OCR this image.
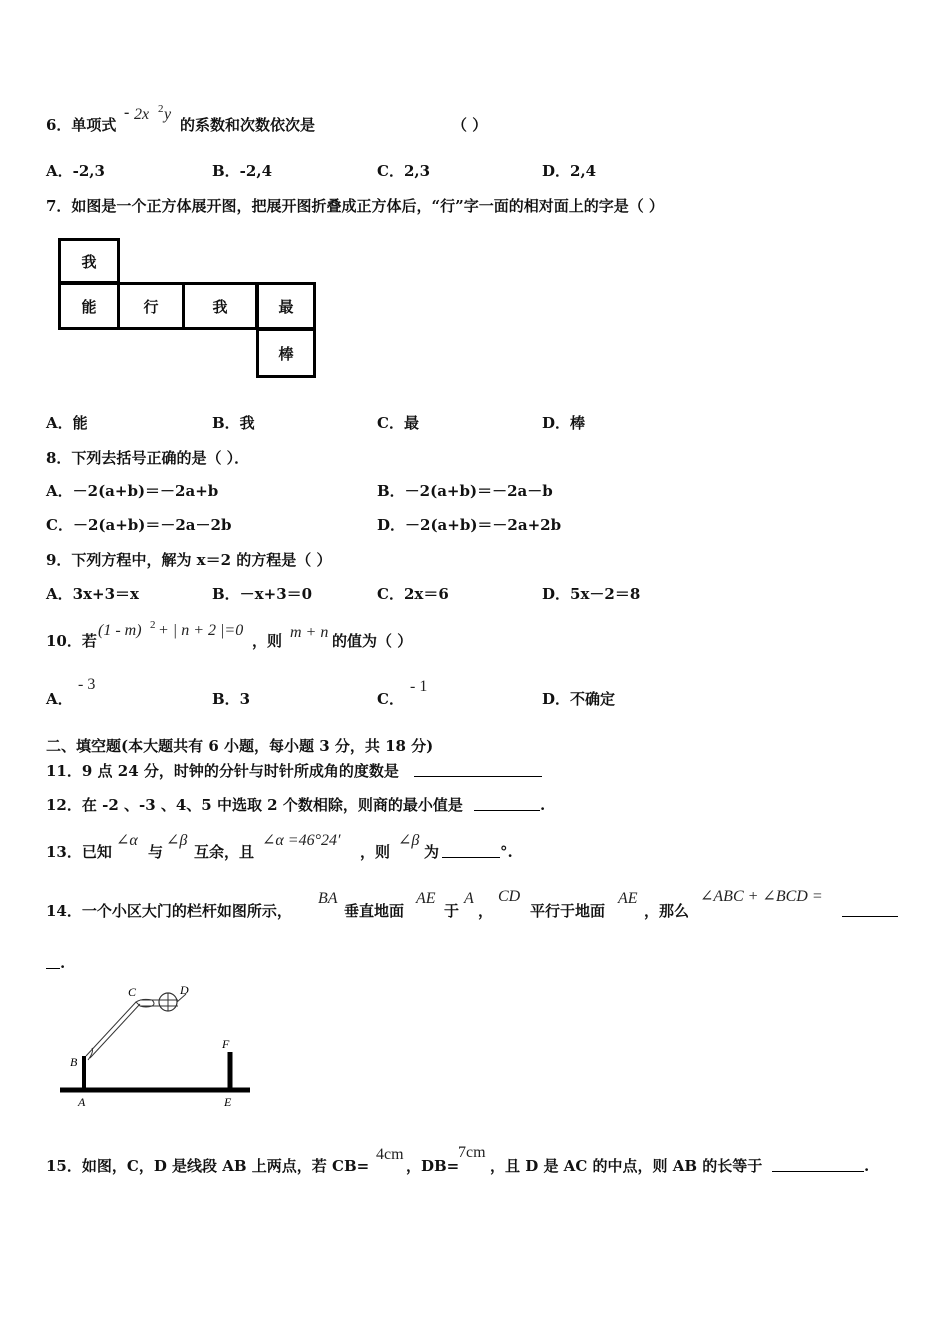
6．单项式
- 2x 2 y
的系数和次数依次是	（ ）
A．-2,3	B．-2,4	C．2,3	D．2,4
7．如图是一个正方体展开图，把展开图折叠成正方体后，“行”字一面的相对面上的字是（ ）
我
能	行	我	最
棒
A．能	B．我	C．最	D．棒
8．下列去括号正确的是（ ）．
A．－2(a+b)＝－2a+b	B．－2(a+b)＝－2a－b
C．－2(a+b)＝－2a－2b	D．－2(a+b)＝－2a+2b
9．下列方程中，解为 x＝2 的方程是（ ）
A．3x+3＝x	B．－x+3＝0	C．2x＝6	D．5x－2＝8
10．若
(1 - m) 2 + | n + 2 |=0
，则 m + n 的值为（ ）
A．
- 3
B．3	C．
- 1
D．不确定
二、填空题(本大题共有 6 小题，每小题 3 分，共 18 分)
11．9 点 24 分，时钟的分针与时针所成角的度数是
12．在 -2 、-3 、4、5 中选取 2 个数相除，则商的最小值是	.
13．已知
∠α
与
∠β
互余，且
∠α =46°24′
，则
∠β
为	°.
14．一个小区大门的栏杆如图所示，
BA
垂直地面
AE
于
A
，
CD
平行于地面
AE
，那么
∠ABC + ∠BCD =
.
C	D
B
F
A	E
15．如图，C，D 是线段 AB 上两点，若 CB=
4cm
，DB=
7cm
，且 D 是 AC 的中点，则 AB 的长等于	.
